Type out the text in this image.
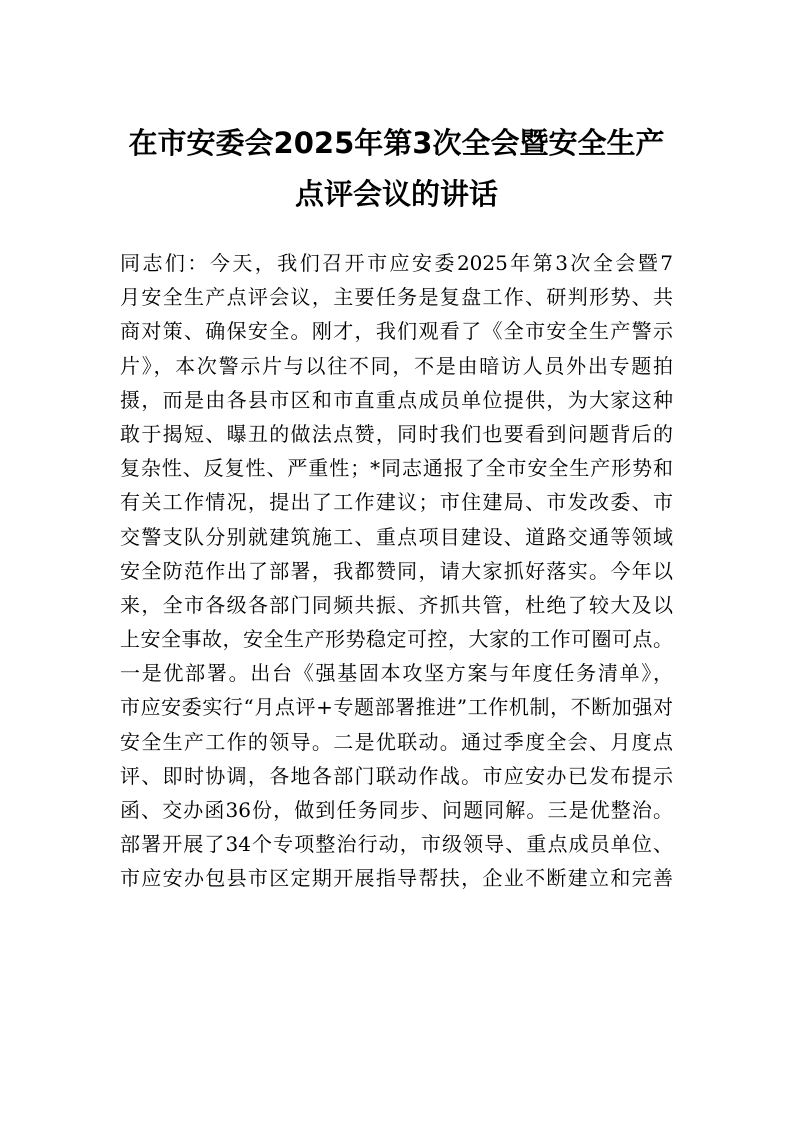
在市安委会2025年第3次全会暨安全生产
点评会议的讲话
同志们：今天，我们召开市应安委2025年第3次全会暨7
月安全生产点评会议，主要任务是复盘工作、研判形势、共
商对策、确保安全。刚才，我们观看了《全市安全生产警示
片》，本次警示片与以往不同，不是由暗访人员外出专题拍
摄，而是由各县市区和市直重点成员单位提供，为大家这种
敢于揭短、曝丑的做法点赞，同时我们也要看到问题背后的
复杂性、反复性、严重性；*同志通报了全市安全生产形势和
有关工作情况，提出了工作建议；市住建局、市发改委、市
交警支队分别就建筑施工、重点项目建设、道路交通等领域
安全防范作出了部署，我都赞同，请大家抓好落实。今年以
来，全市各级各部门同频共振、齐抓共管，杜绝了较大及以
上安全事故，安全生产形势稳定可控，大家的工作可圈可点。
一是优部署。出台《强基固本攻坚方案与年度任务清单》，
市应安委实行“月点评+专题部署推进”工作机制，不断加强对
安全生产工作的领导。二是优联动。通过季度全会、月度点
评、即时协调，各地各部门联动作战。市应安办已发布提示
函、交办函36份，做到任务同步、问题同解。三是优整治。
部署开展了34个专项整治行动，市级领导、重点成员单位、
市应安办包县市区定期开展指导帮扶，企业不断建立和完善
